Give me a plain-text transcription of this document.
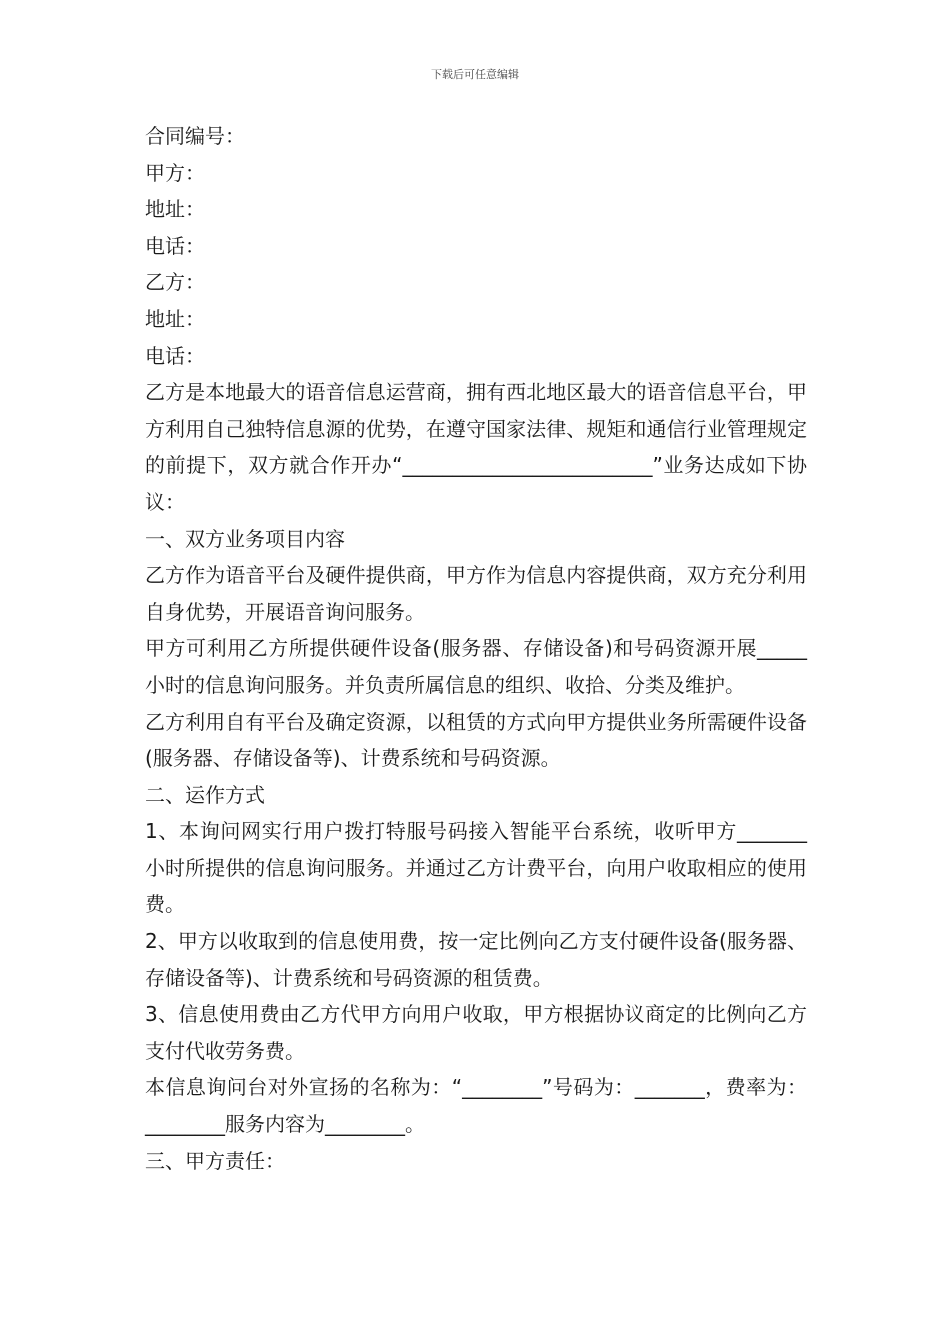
下载后可任意编辑

合同编号：

甲方：

地址：

电话：

乙方：

地址：

电话：

乙方是本地最大的语音信息运营商，拥有西北地区最大的语音信息平台，甲方利用自己独特信息源的优势，在遵守国家法律、规矩和通信行业管理规定的前提下，双方就合作开办“_________________________”业务达成如下协议：

一、双方业务项目内容

乙方作为语音平台及硬件提供商，甲方作为信息内容提供商，双方充分利用自身优势，开展语音询问服务。

甲方可利用乙方所提供硬件设备(服务器、存储设备)和号码资源开展_____小时的信息询问服务。并负责所属信息的组织、收拾、分类及维护。

乙方利用自有平台及确定资源，以租赁的方式向甲方提供业务所需硬件设备(服务器、存储设备等)、计费系统和号码资源。

二、运作方式

1、本询问网实行用户拨打特服号码接入智能平台系统，收听甲方_______小时所提供的信息询问服务。并通过乙方计费平台，向用户收取相应的使用费。

2、甲方以收取到的信息使用费，按一定比例向乙方支付硬件设备(服务器、存储设备等)、计费系统和号码资源的租赁费。

3、信息使用费由乙方代甲方向用户收取，甲方根据协议商定的比例向乙方支付代收劳务费。

本信息询问台对外宣扬的名称为：“________”号码为：_______，费率为：________服务内容为________。

三、甲方责任：
